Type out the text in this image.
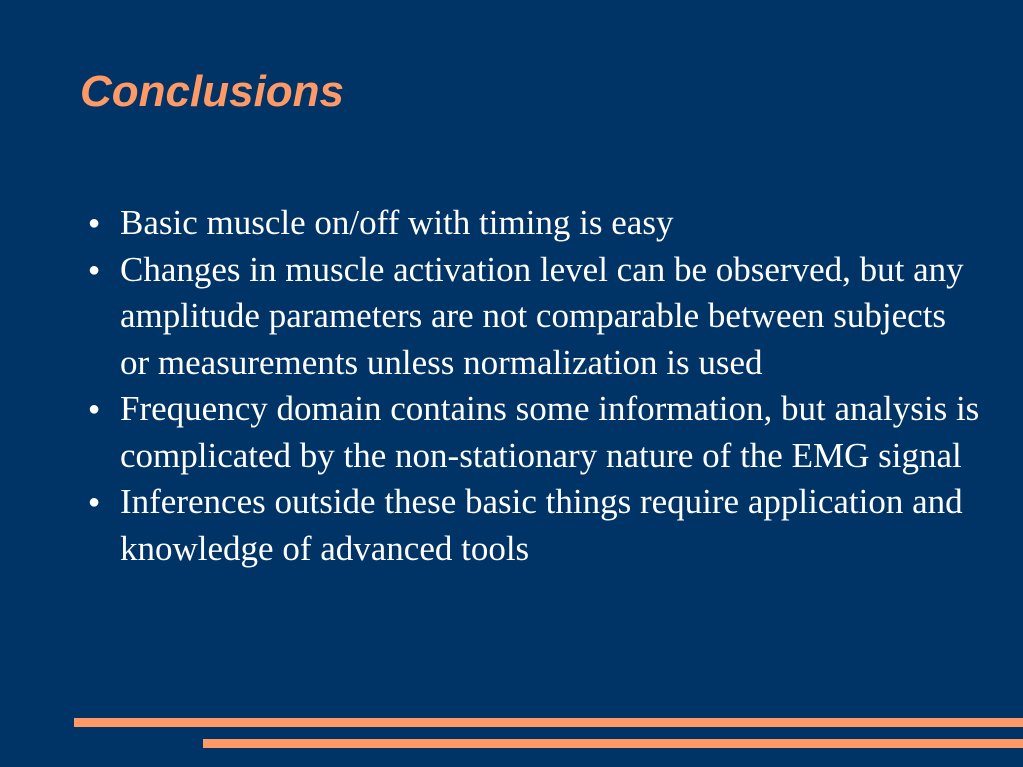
Conclusions
● Basic muscle on/off with timing is easy
● Changes in muscle activation level can be observed, but any amplitude parameters are not comparable between subjects or measurements unless normalization is used
● Frequency domain contains some information, but analysis is complicated by the non-stationary nature of the EMG signal
● Inferences outside these basic things require application and knowledge of advanced tools
